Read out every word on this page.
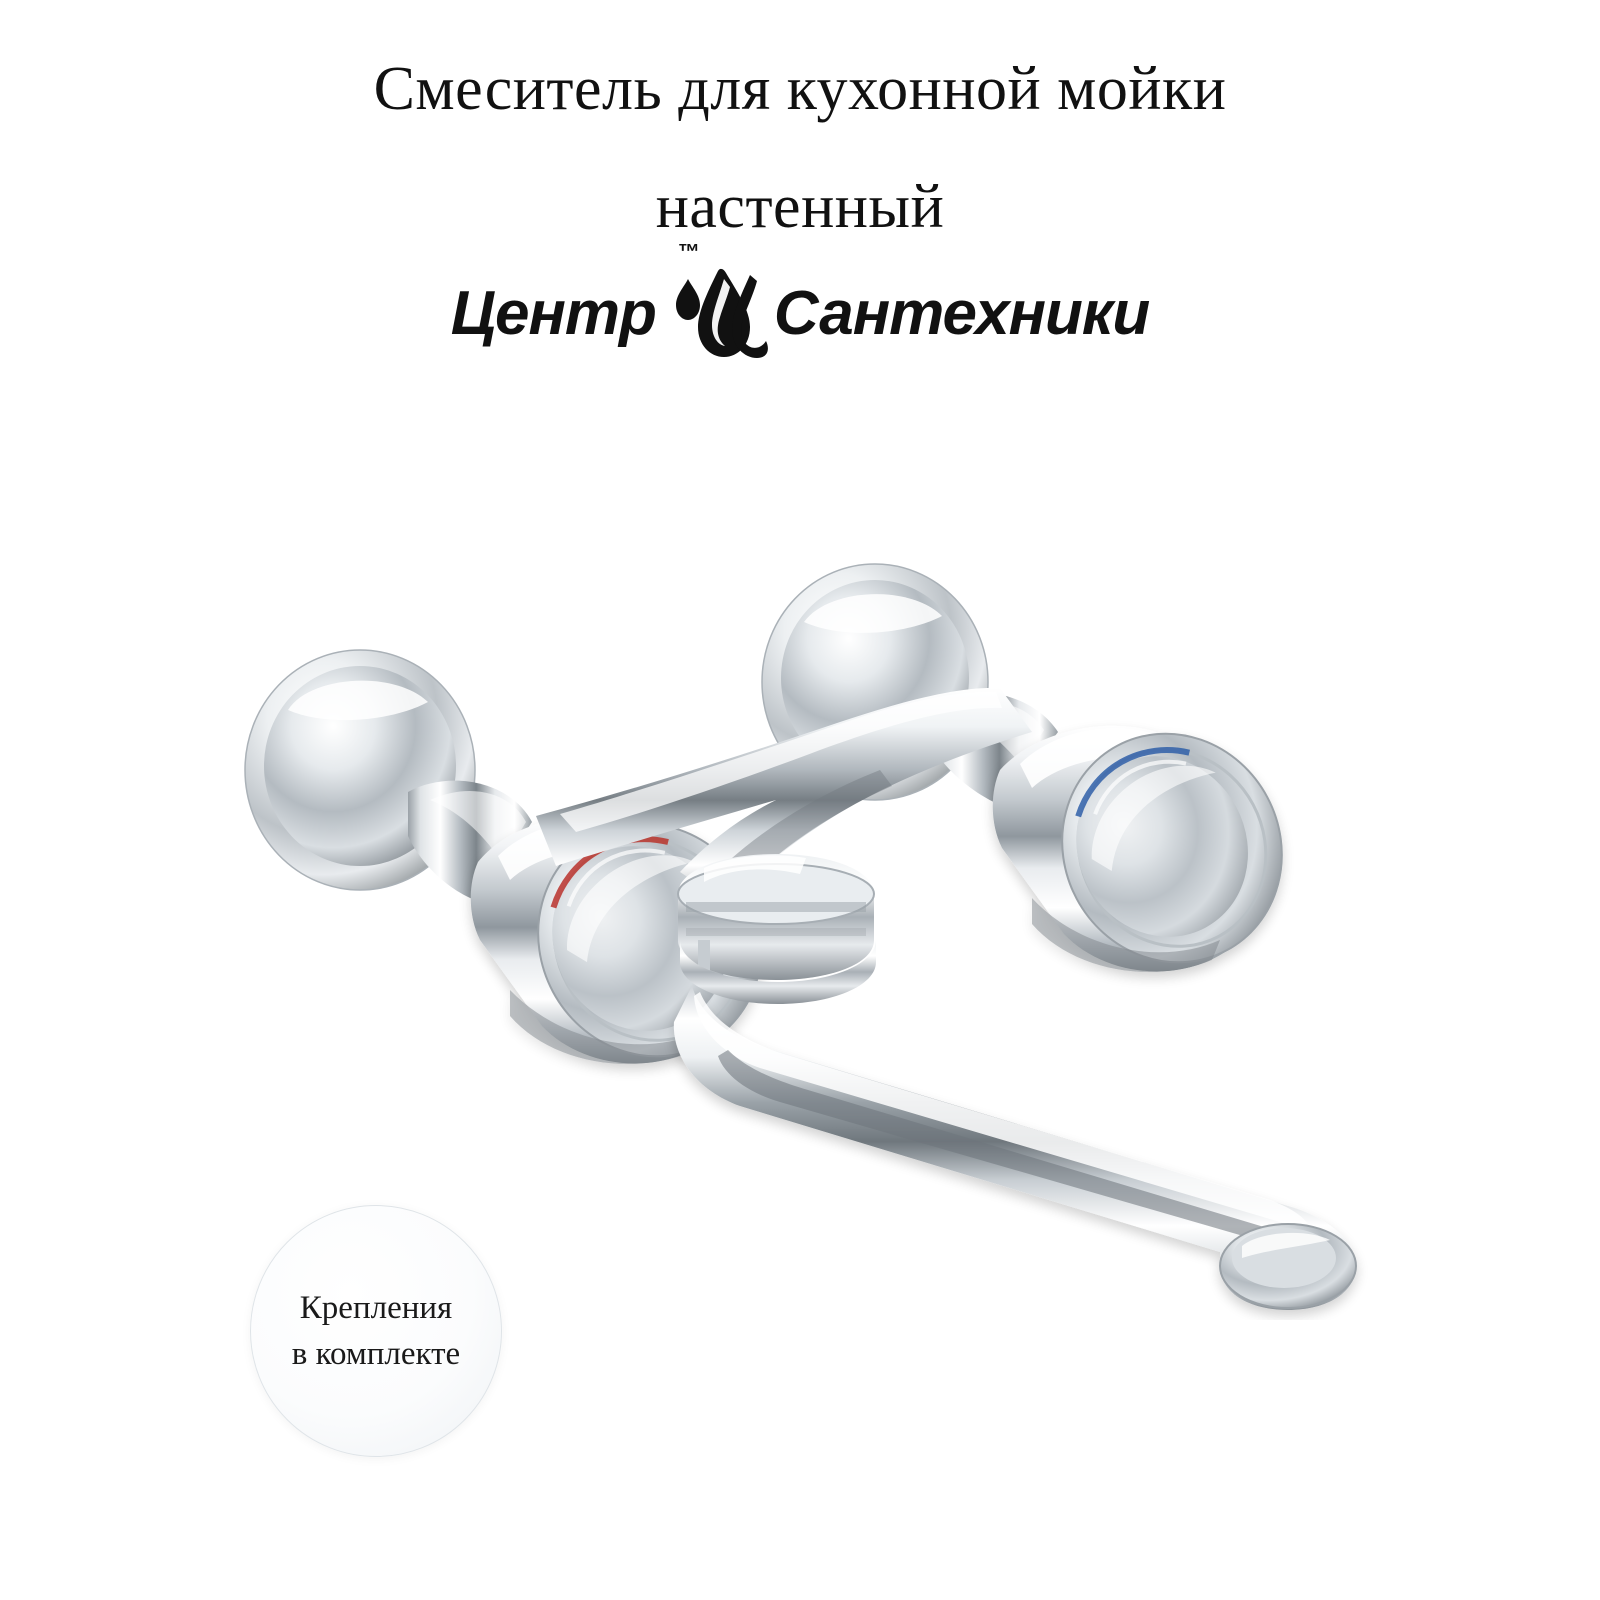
Смеситель для кухонной мойки
настенный
Центр
™
Сантехники
Крепления
в комплекте
